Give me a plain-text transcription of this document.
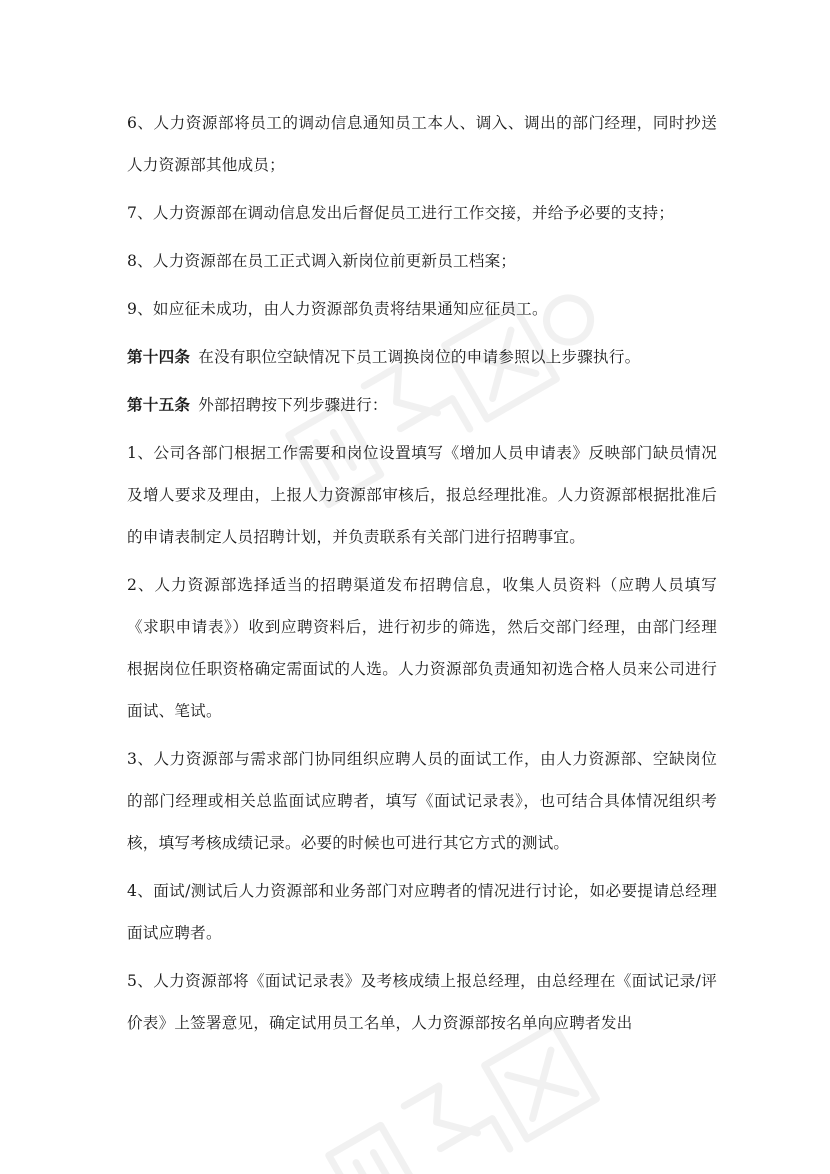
6、人力资源部将员工的调动信息通知员工本人、调入、调出的部门经理，同时抄送人力资源部其他成员；

7、人力资源部在调动信息发出后督促员工进行工作交接，并给予必要的支持；

8、人力资源部在员工正式调入新岗位前更新员工档案；

9、如应征未成功，由人力资源部负责将结果通知应征员工。

第十四条 在没有职位空缺情况下员工调换岗位的申请参照以上步骤执行。

第十五条 外部招聘按下列步骤进行：

1、公司各部门根据工作需要和岗位设置填写《增加人员申请表》反映部门缺员情况及增人要求及理由，上报人力资源部审核后，报总经理批准。人力资源部根据批准后的申请表制定人员招聘计划，并负责联系有关部门进行招聘事宜。

2、人力资源部选择适当的招聘渠道发布招聘信息，收集人员资料（应聘人员填写《求职申请表》）收到应聘资料后，进行初步的筛选，然后交部门经理，由部门经理根据岗位任职资格确定需面试的人选。人力资源部负责通知初选合格人员来公司进行面试、笔试。

3、人力资源部与需求部门协同组织应聘人员的面试工作，由人力资源部、空缺岗位的部门经理或相关总监面试应聘者，填写《面试记录表》，也可结合具体情况组织考核，填写考核成绩记录。必要的时候也可进行其它方式的测试。

4、面试/测试后人力资源部和业务部门对应聘者的情况进行讨论，如必要提请总经理面试应聘者。

5、人力资源部将《面试记录表》及考核成绩上报总经理，由总经理在《面试记录/评价表》上签署意见，确定试用员工名单，人力资源部按名单向应聘者发出
